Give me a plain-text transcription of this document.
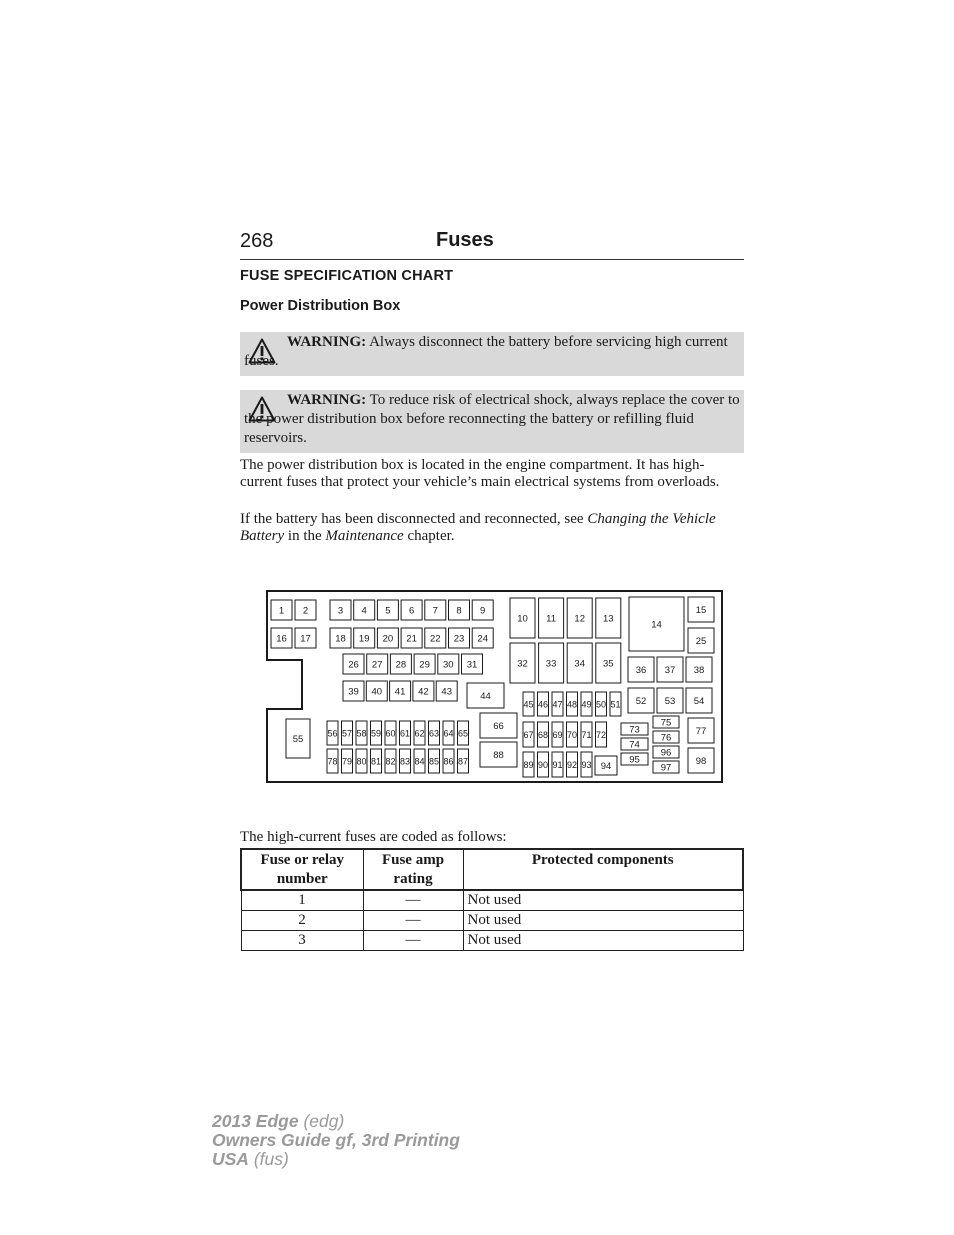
268	Fuses
FUSE SPECIFICATION CHART
Power Distribution Box
WARNING: Always disconnect the battery before servicing high current fuses.
WARNING: To reduce risk of electrical shock, always replace the cover to the power distribution box before reconnecting the battery or refilling fluid reservoirs.
The power distribution box is located in the engine compartment. It has high-current fuses that protect your vehicle’s main electrical systems from overloads.
If the battery has been disconnected and reconnected, see Changing the Vehicle Battery in the Maintenance chapter.
1 2	3 4 5 6 7 8 9
10 11 12 13
14
15
16 17	18 19 20 21 22 23 24	25
26 27 28 29 30 31	32 33 34 35
36 37 38
39 40 41 42 43	44
45 46 47 48 49 50 51 52 53 54
55
56 57 58 59 60 61 62 63 64 65
66
67 68 69 70 71 72 73
74
75
76
77
78 79 80 81 82 83 84 85 86 87
88
89 90 91 92 93 94
95
96
97
98
The high-current fuses are coded as follows:
Fuse or relay
number	Fuse amp
rating	Protected components
1	—	Not used
2	—	Not used
3	—	Not used
2013 Edge (edg)
Owners Guide gf, 3rd Printing
USA (fus)
